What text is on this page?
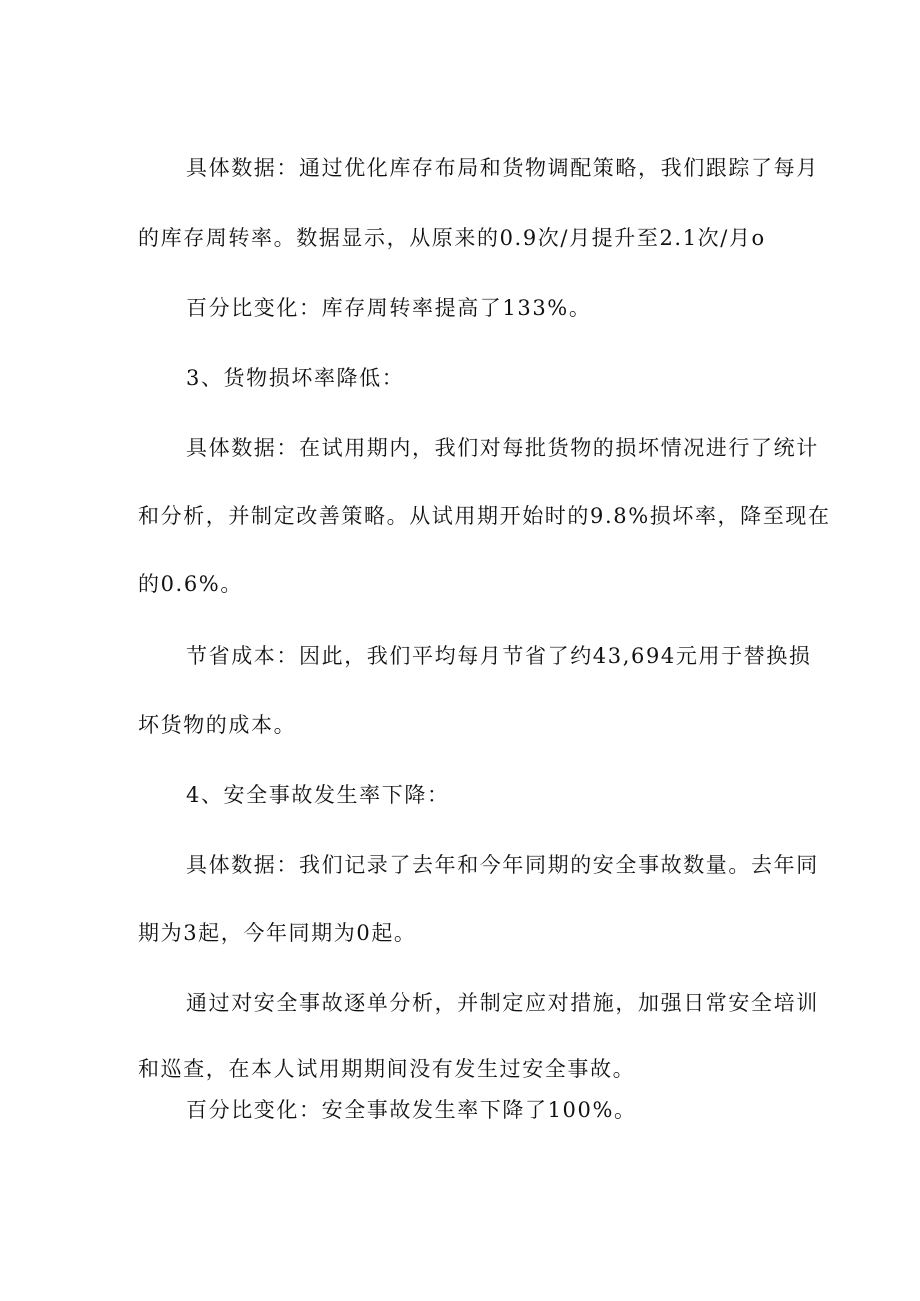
具体数据：通过优化库存布局和货物调配策略，我们跟踪了每月

的库存周转率。数据显示，从原来的0.9次/月提升至2.1次/月o

百分比变化：库存周转率提高了133%。

3、货物损坏率降低：

具体数据：在试用期内，我们对每批货物的损坏情况进行了统计

和分析，并制定改善策略。从试用期开始时的9.8%损坏率，降至现在

的0.6%。

节省成本：因此，我们平均每月节省了约43,694元用于替换损

坏货物的成本。

4、安全事故发生率下降：

具体数据：我们记录了去年和今年同期的安全事故数量。去年同

期为3起，今年同期为0起。

通过对安全事故逐单分析，并制定应对措施，加强日常安全培训

和巡查，在本人试用期期间没有发生过安全事故。

百分比变化：安全事故发生率下降了100%。
